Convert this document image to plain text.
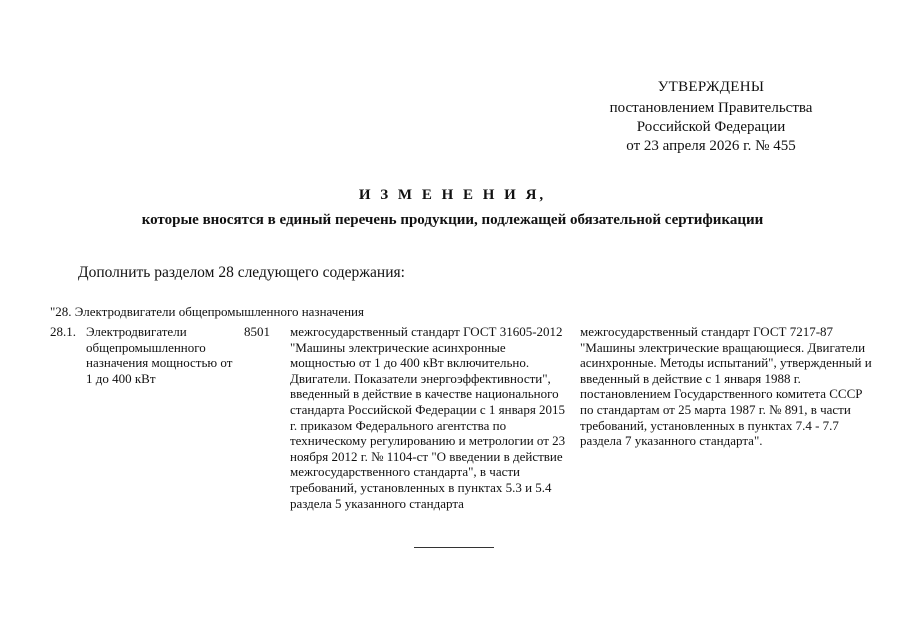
УТВЕРЖДЕНЫ
постановлением Правительства
Российской Федерации
от 23 апреля 2026 г. № 455
И З М Е Н Е Н И Я,
которые вносятся в единый перечень продукции, подлежащей обязательной сертификации
Дополнить разделом 28 следующего содержания:
"28. Электродвигатели общепромышленного назначения
28.1. Электродвигатели общепромышленного назначения мощностью от 1 до 400 кВт
8501 межгосударственный стандарт ГОСТ 31605-2012 "Машины электрические асинхронные мощностью от 1 до 400 кВт включительно. Двигатели. Показатели энергоэффективности", введенный в действие в качестве национального стандарта Российской Федерации с 1 января 2015 г. приказом Федерального агентства по техническому регулированию и метрологии от 23 ноября 2012 г. № 1104-ст "О введении в действие межгосударственного стандарта", в части требований, установленных в пунктах 5.3 и 5.4 раздела 5 указанного стандарта
межгосударственный стандарт ГОСТ 7217-87 "Машины электрические вращающиеся. Двигатели асинхронные. Методы испытаний", утвержденный и введенный в действие с 1 января 1988 г. постановлением Государственного комитета СССР по стандартам от 25 марта 1987 г. № 891, в части требований, установленных в пунктах 7.4 - 7.7 раздела 7 указанного стандарта".
